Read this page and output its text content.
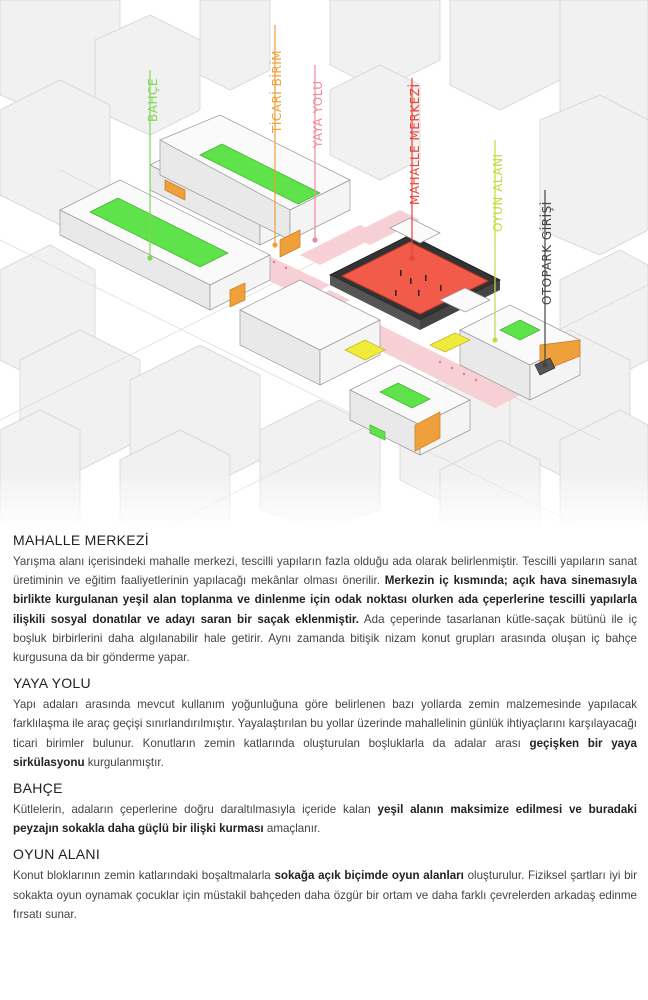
BAHÇE	TİCARİ BİRİM YAYA YOLU	MAHALLE MERKEZİ	OYUN ALANI
OTOPARK GİRİŞİ
MAHALLE MERKEZİ

Yarışma alanı içerisindeki mahalle merkezi, tescilli yapıların fazla olduğu ada olarak belirlenmiştir. Tescilli yapıların sanat üretiminin ve eğitim faaliyetlerinin yapılacağı mekânlar olması önerilir. Merkezin iç kısmında; açık hava sinemasıyla birlikte kurgulanan yeşil alan toplanma ve dinlenme için odak noktası olurken ada çeperlerine tescilli yapılarla ilişkili sosyal donatılar ve adayı saran bir saçak eklenmiştir. Ada çeperinde tasarlanan kütle-saçak bütünü ile iç boşluk birbirlerini daha algılanabilir hale getirir. Aynı zamanda bitişik nizam konut grupları arasında oluşan iç bahçe kurgusuna da bir gönderme yapar.

YAYA YOLU

Yapı adaları arasında mevcut kullanım yoğunluğuna göre belirlenen bazı yollarda zemin malzemesinde yapılacak farklılaşma ile araç geçişi sınırlandırılmıştır. Yayalaştırılan bu yollar üzerinde mahallelinin günlük ihtiyaçlarını karşılayacağı ticari birimler bulunur. Konutların zemin katlarında oluşturulan boşluklarla da adalar arası geçişken bir yaya sirkülasyonu kurgulanmıştır.

BAHÇE

Kütlelerin, adaların çeperlerine doğru daraltılmasıyla içeride kalan yeşil alanın maksimize edilmesi ve buradaki peyzajın sokakla daha güçlü bir ilişki kurması amaçlanır.

OYUN ALANI

Konut bloklarının zemin katlarındaki boşaltmalarla sokağa açık biçimde oyun alanları oluşturulur. Fiziksel şartları iyi bir sokakta oyun oynamak çocuklar için müstakil bahçeden daha özgür bir ortam ve daha farklı çevrelerden arkadaş edinme fırsatı sunar.
